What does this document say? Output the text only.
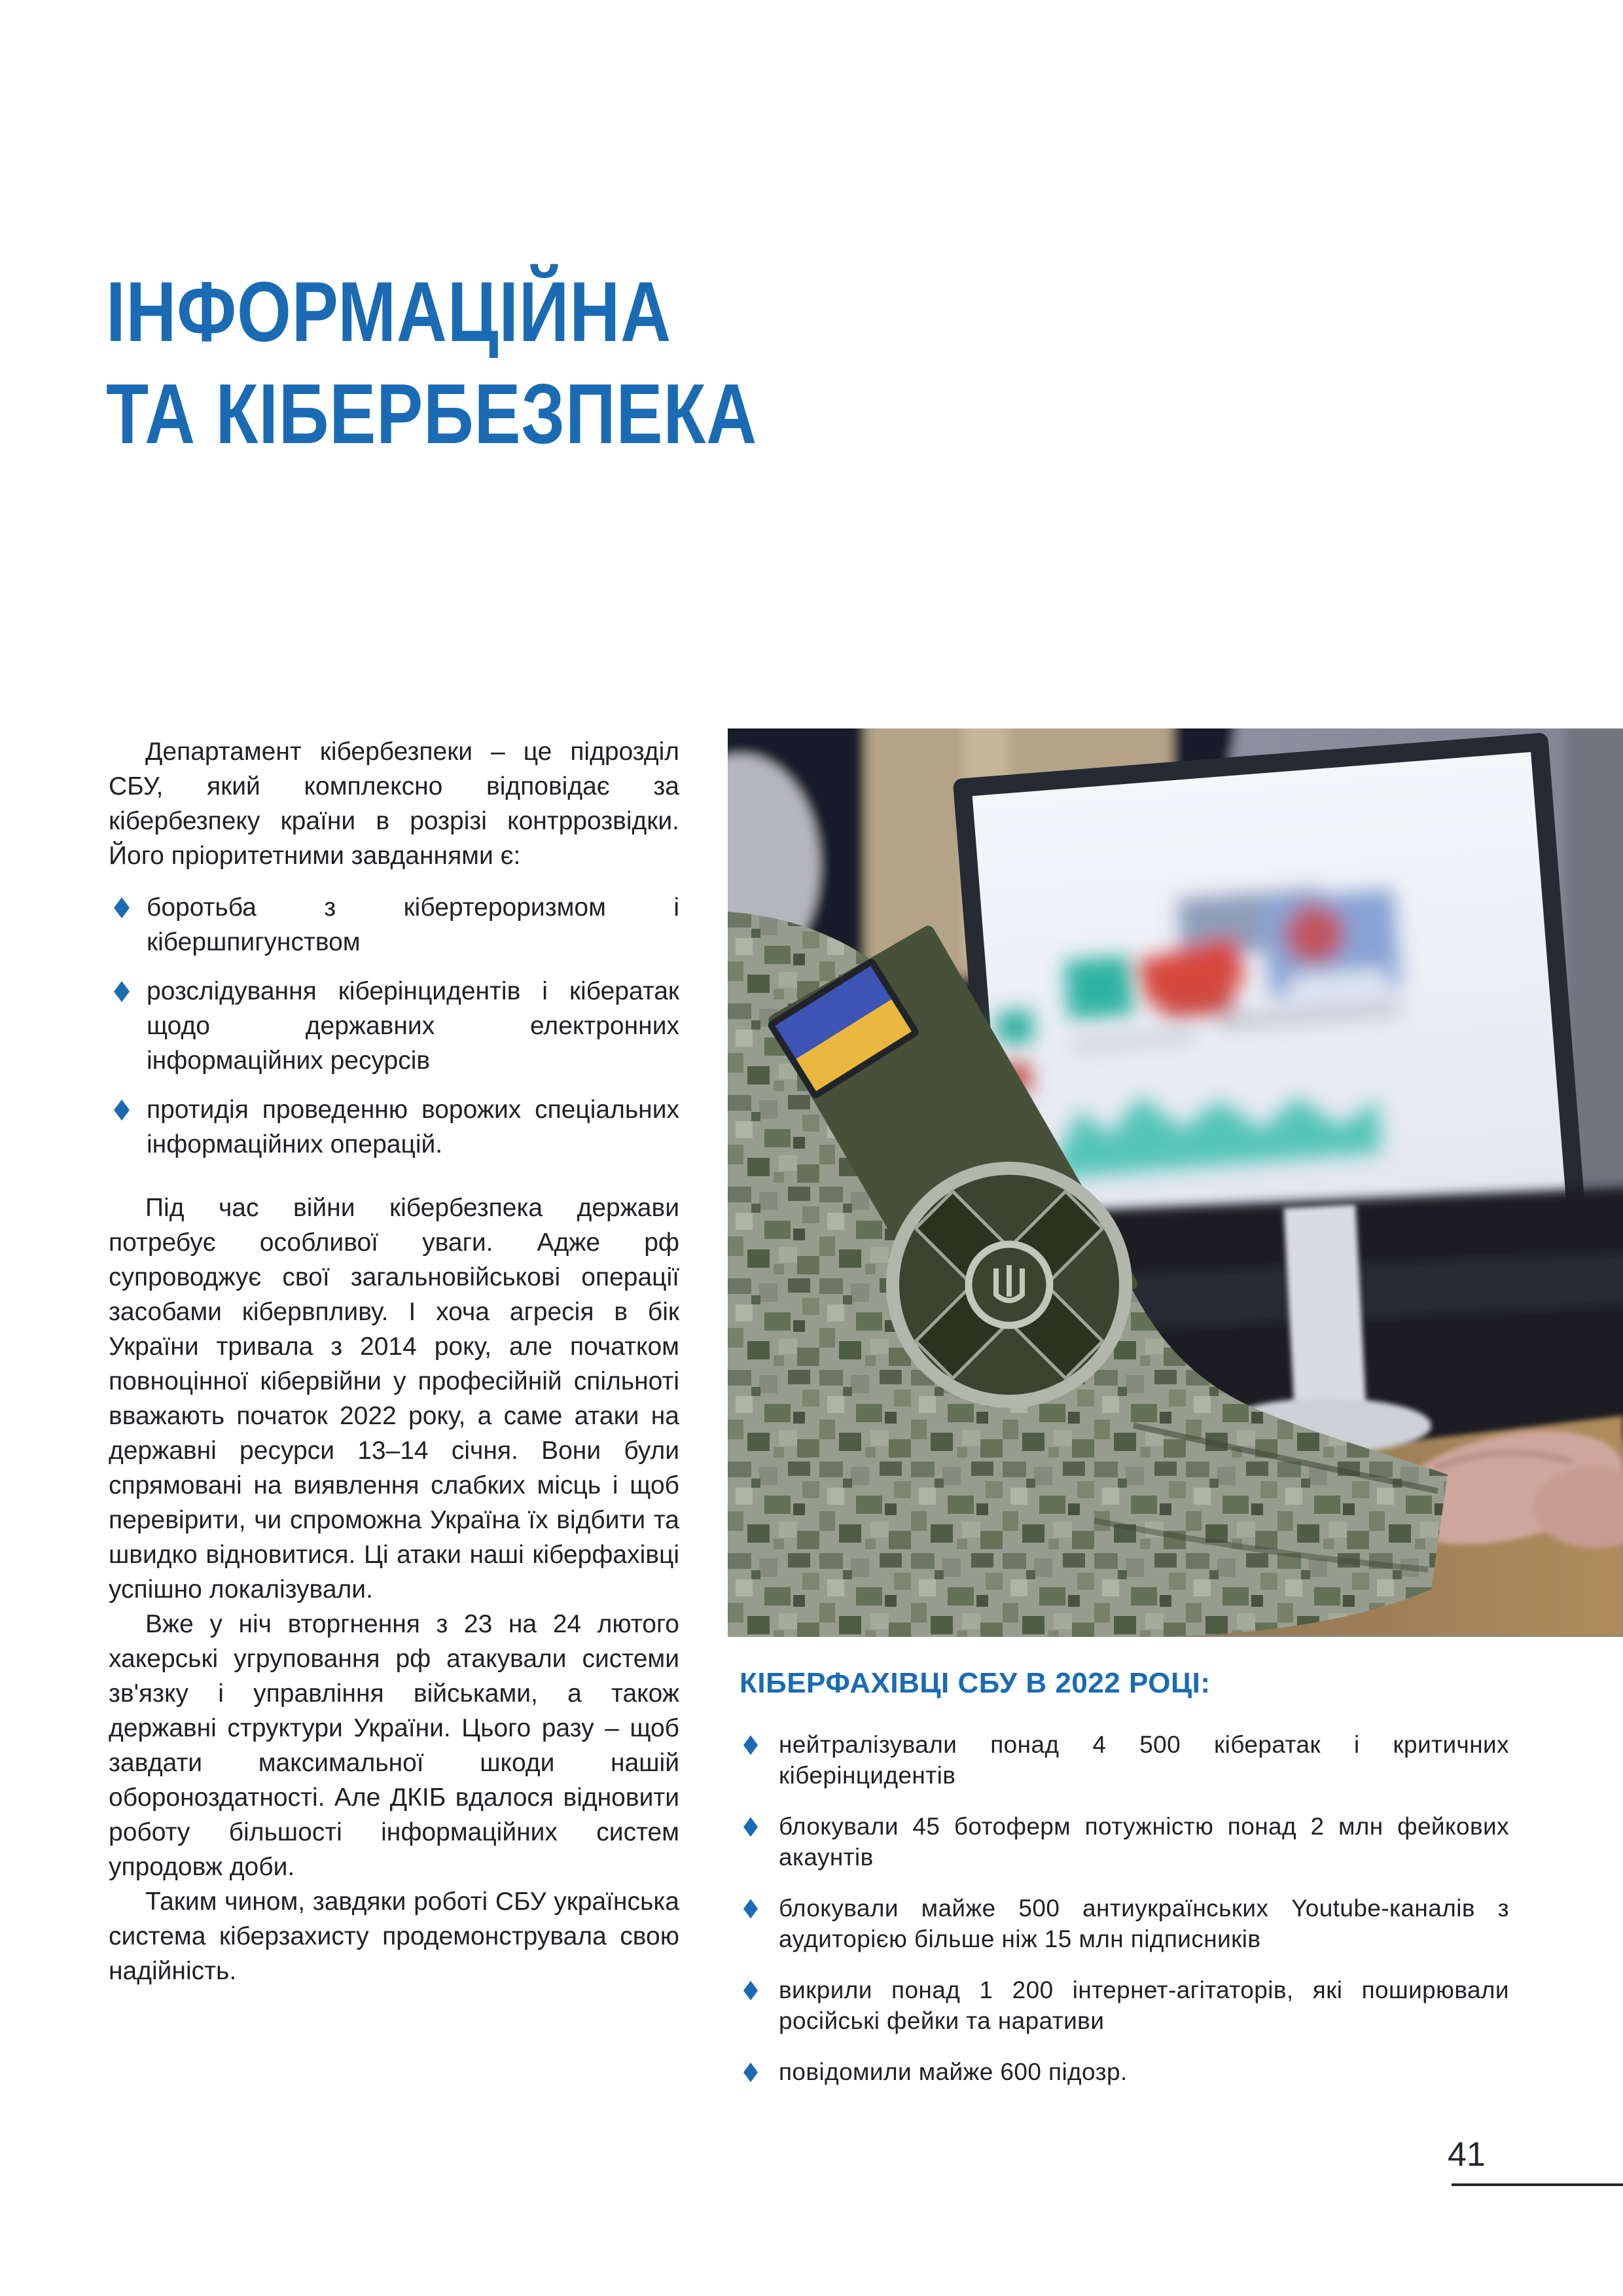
ІНФОРМАЦІЙНА
ТА КІБЕРБЕЗПЕКА

Департамент кібербезпеки – це підрозділ СБУ, який комплексно відповідає за кібербезпеку країни в розрізі контррозвідки. Його пріоритетними завданнями є:

боротьба з кібертероризмом і кібершпигунством
розслідування кіберінцидентів і кібератак щодо державних електронних інформаційних ресурсів
протидія проведенню ворожих спеціальних інформаційних операцій.

Під час війни кібербезпека держави потребує особливої уваги. Адже рф супроводжує свої загальновійськові операції засобами кібервпливу. І хоча агресія в бік України тривала з 2014 року, але початком повноцінної кібервійни у професійній спільноті вважають початок 2022 року, а саме атаки на державні ресурси 13–14 січня. Вони були спрямовані на виявлення слабких місць і щоб перевірити, чи спроможна Україна їх відбити та швидко відновитися. Ці атаки наші кіберфахівці успішно локалізували.

Вже у ніч вторгнення з 23 на 24 лютого хакерські угруповання рф атакували системи зв'язку і управління військами, а також державні структури України. Цього разу – щоб завдати максимальної шкоди нашій обороноздатності. Але ДКІБ вдалося відновити роботу більшості інформаційних систем упродовж доби.

Таким чином, завдяки роботі СБУ українська система кіберзахисту продемонструвала свою надійність.

КІБЕРФАХІВЦІ СБУ В 2022 РОЦІ:
нейтралізували понад 4 500 кібератак і критичних кіберінцидентів
блокували 45 ботоферм потужністю понад 2 млн фейкових акаунтів
блокували майже 500 антиукраїнських Youtube-каналів з аудиторією більше ніж 15 млн підписників
викрили понад 1 200 інтернет-агітаторів, які поширювали російські фейки та наративи
повідомили майже 600 підозр.
41
